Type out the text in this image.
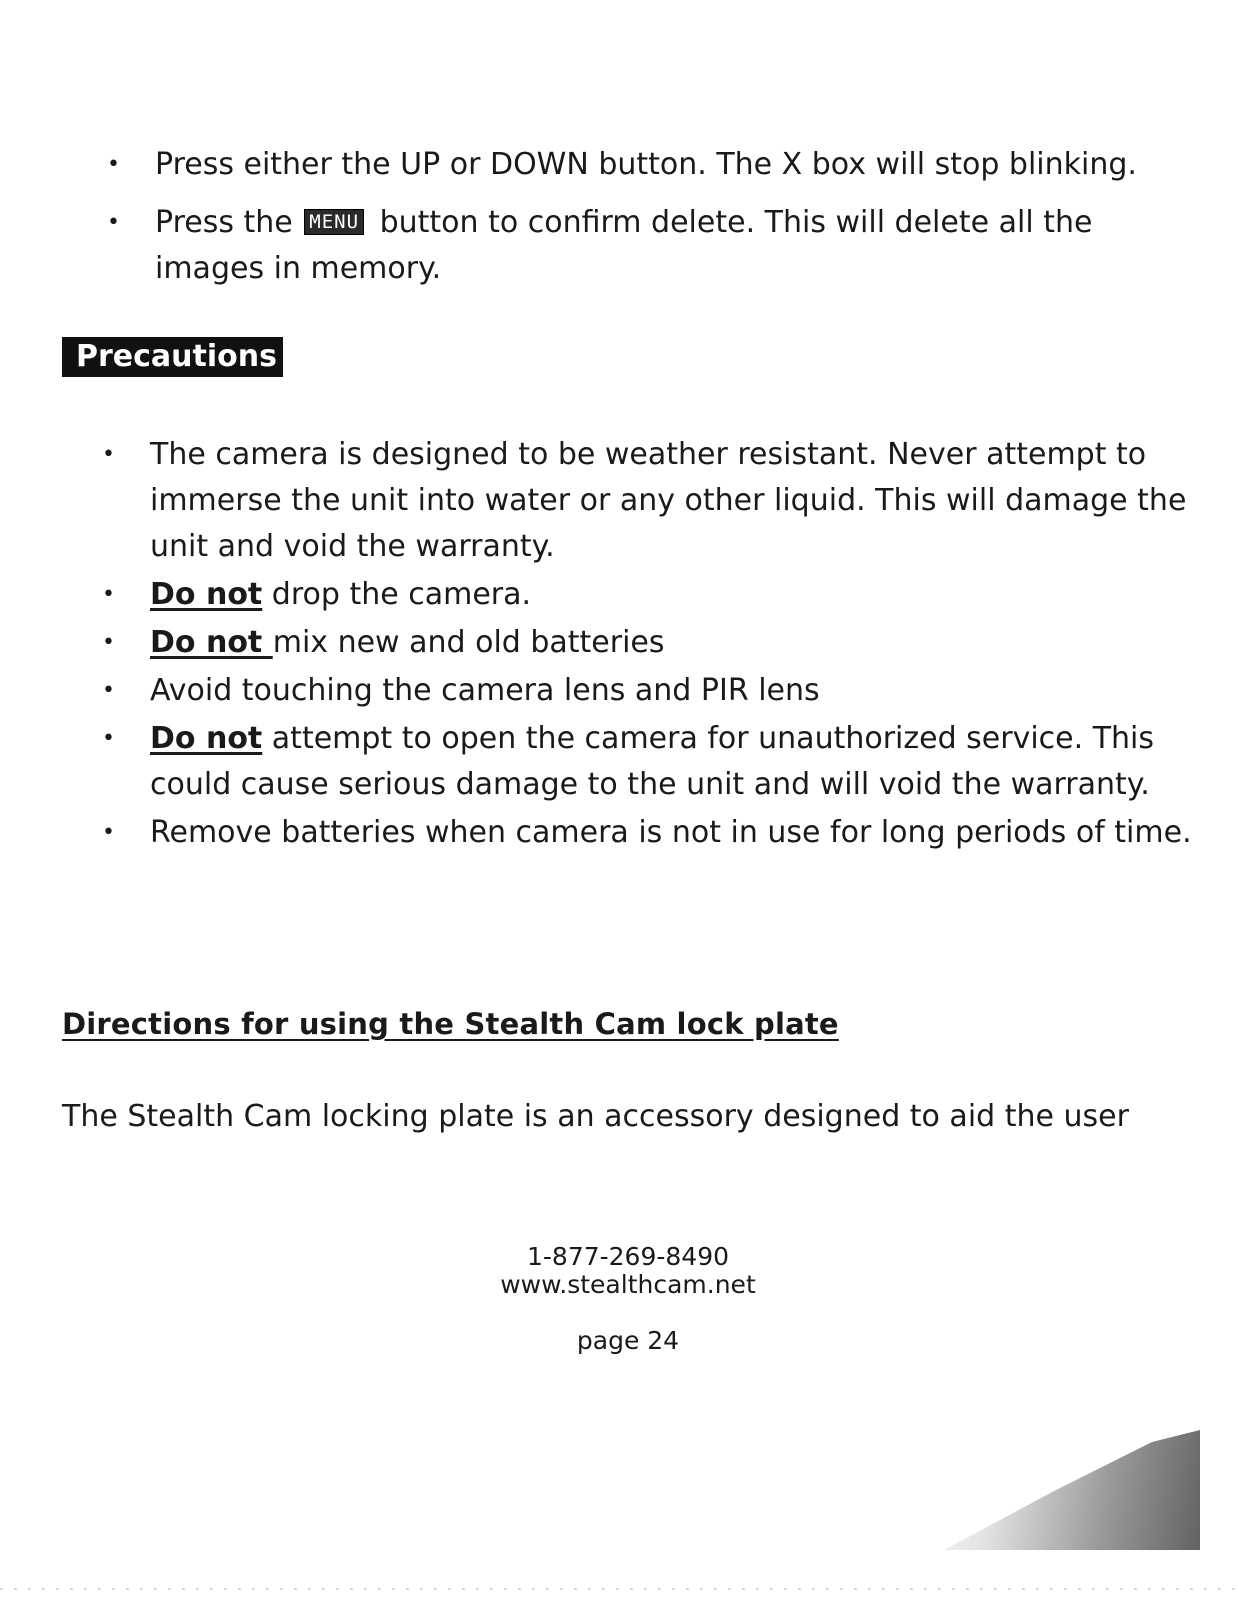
• Press either the UP or DOWN button. The X box will stop blinking.
• Press the MENU button to confirm delete. This will delete all the images in memory.
Precautions
• The camera is designed to be weather resistant. Never attempt to immerse the unit into water or any other liquid. This will damage the unit and void the warranty.
• Do not drop the camera.
• Do not mix new and old batteries
• Avoid touching the camera lens and PIR lens
• Do not attempt to open the camera for unauthorized service. This could cause serious damage to the unit and will void the warranty.
• Remove batteries when camera is not in use for long periods of time.
Directions for using the Stealth Cam lock plate
The Stealth Cam locking plate is an accessory designed to aid the user
1-877-269-8490
www.stealthcam.net
page 24
